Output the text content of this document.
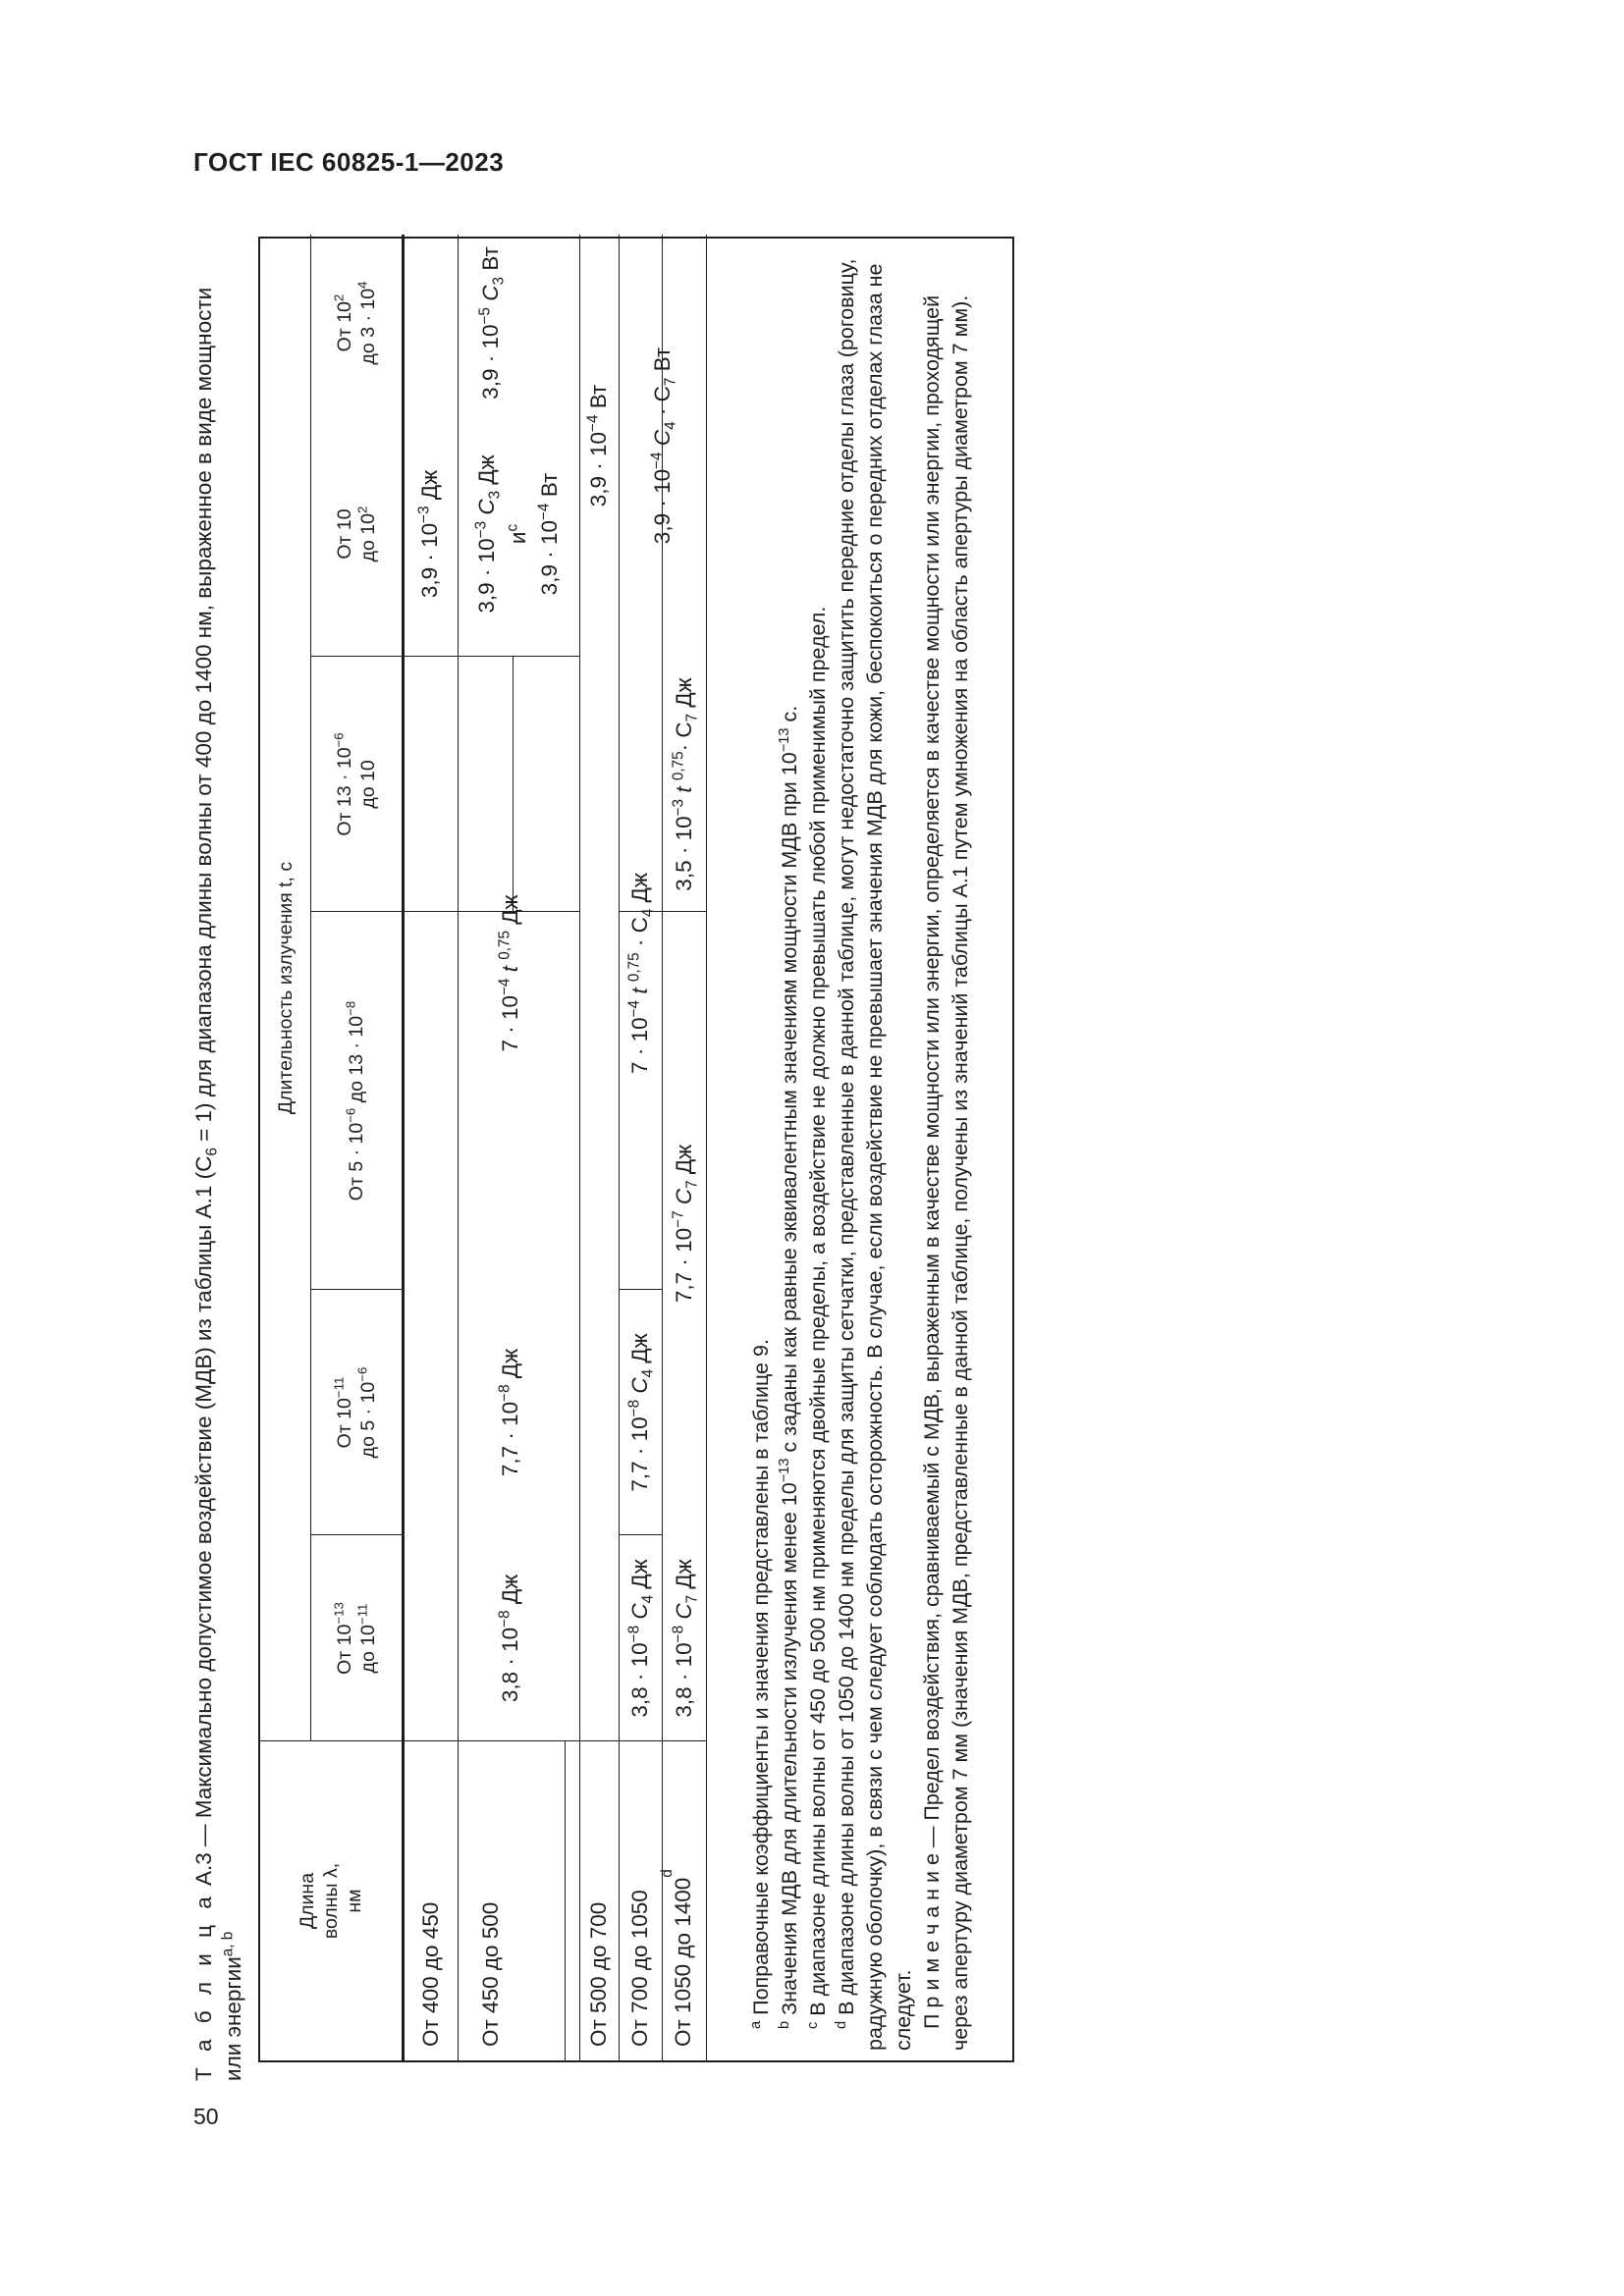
ГОСТ IEC 60825-1—2023
50
Т а б л и ц а A.3 — Максимально допустимое воздействие (МДВ) из таблицы А.1 $(C_6 = 1)$ для диапазона длины волны от 400 до 1400 нм, выраженное в виде мощности или энергии$^{a, b}$
Длина волны λ, нм
Длительность излучения t, с
От $10^{-13}$
до $10^{-11}$
От $10^{-11}$ до $5 \cdot 10^{-6}$
От $5 \cdot 10^{-6}$ до $13 \cdot 10^{-8}$
От $13 \cdot 10^{-6}$
до 10
От 10 до $10^2$
От $10^2$ до $3 \cdot 10^4$
От 400 до 450 От 450 до 500	От 500 до 700 От 700 до 1050 От 1050 до 1400
d
$3,8 \cdot 10^{-8}$ Дж
$7,7 \cdot 10^{-8}$ Дж
$7 \cdot 10^{-4}$ t $^{0,75}$ Дж
$3,9 \cdot 10^{-3}$ Дж
$3,9 \cdot 10^{-3}$ $C_3$ Дж
$и^c$ $3,9 \cdot 10^{-4}$ Вт
$3,9 \cdot 10^{-5}$ $C_3$ Вт
$3,9 \cdot 10^{-4}$ Вт
$3,8 \cdot 10^{-8}$ $C_4$ Дж
$7,7 \cdot 10^{-8}$ $C_4$ Дж
$7 \cdot 10^{-4}$ t $^{0,75} \cdot C_4$ Дж
$3,9 \cdot 10^{-4}$ $C_4 \cdot C_7$ Вт
$3,8 \cdot 10^{-8}$ $C_7$ Дж
$7,7 \cdot 10^{-7}$ $C_7$ Дж
$3,5 \cdot 10^{-3}$ t $^{0,75}\cdot C_7$ Дж
$^a$ Поправочные коэффициенты и значения представлены в таблице 9.
$^b$ Значения МДВ для длительности излучения менее $10^{-13}$ с заданы как равные эквивалентным значениям мощности МДВ при $10^{-13}$ с.
$^c$ В диапазоне длины волны от 450 до 500 нм применяются двойные пределы, а воздействие не должно превышать любой применимый предел.
$^d$ В диапазоне длины волны от 1050 до 1400 нм пределы для защиты сетчатки, представленные в данной таблице, могут недостаточно защитить передние отделы глаза (роговицу, радужную оболочку), в связи с чем следует соблюдать осторожность. В случае, если воздействие не превышает значения МДВ для кожи, беспокоиться о передних отделах глаза не следует. П р и м е ч а н и е — Предел воздействия, сравниваемый с МДВ, выраженным в качестве мощности или энергии, определяется в качестве мощности или энергии, проходящей через апертуру диаметром 7 мм (значения МДВ, представленные в данной таблице, получены из значений таблицы А.1 путем умножения на область апертуры диаметром 7 мм).
